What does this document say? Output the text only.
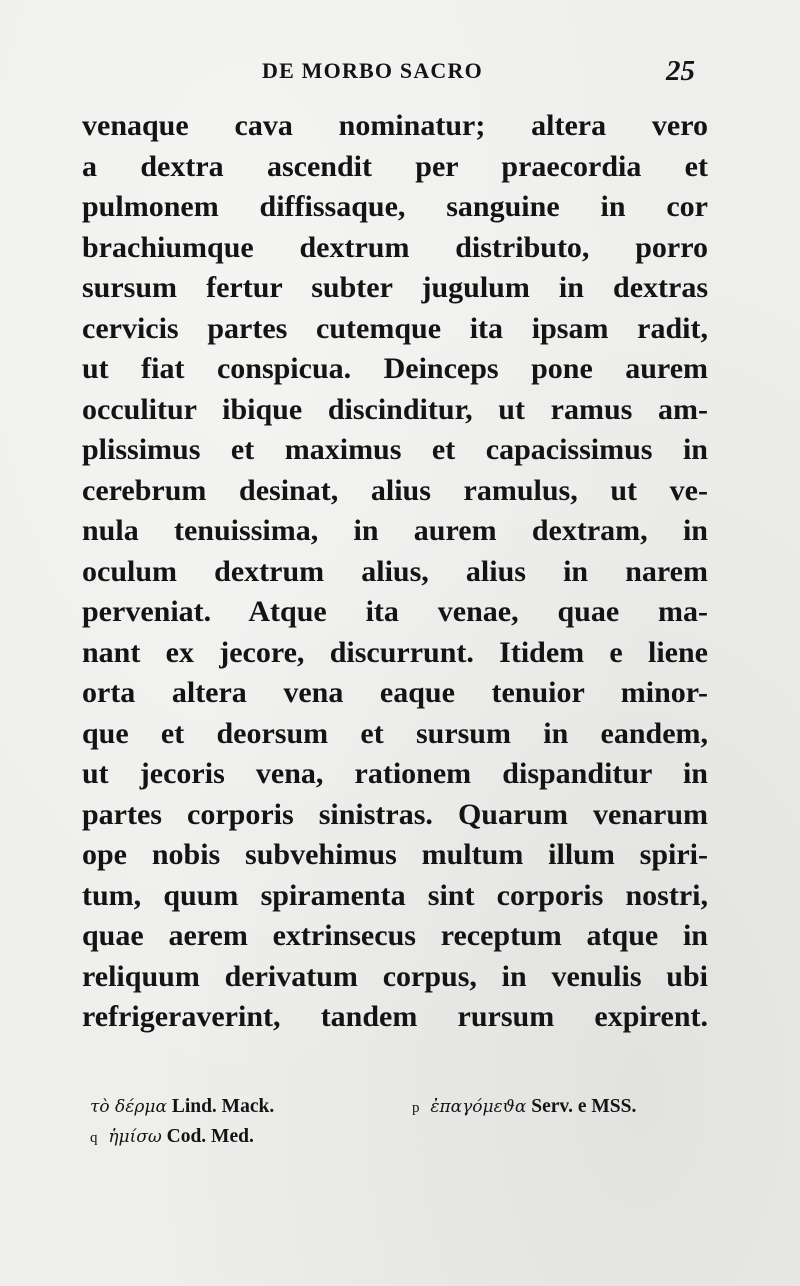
DE MORBO SACRO	25
venaque cava nominatur; altera vero
a dextra ascendit per praecordia et
pulmonem diffissaque, sanguine in cor
brachiumque dextrum distributo, porro
sursum fertur subter jugulum in dextras
cervicis partes cutemque ita ipsam radit,
ut fiat conspicua. Deinceps pone aurem
occulitur ibique discinditur, ut ramus am-
plissimus et maximus et capacissimus in
cerebrum desinat, alius ramulus, ut ve-
nula tenuissima, in aurem dextram, in
oculum dextrum alius, alius in narem
perveniat. Atque ita venae, quae ma-
nant ex jecore, discurrunt. Itidem e liene
orta altera vena eaque tenuior minor-
que et deorsum et sursum in eandem,
ut jecoris vena, rationem dispanditur in
partes corporis sinistras. Quarum venarum
ope nobis subvehimus multum illum spiri-
tum, quum spiramenta sint corporis nostri,
quae aerem extrinsecus receptum atque in
reliquum derivatum corpus, in venulis ubi
refrigeraverint, tandem rursum expirent.
τὸ δέρμα Lind. Mack.	p ἐπαγόμεϑα Serv. e MSS.
q ἡμίσω Cod. Med.
